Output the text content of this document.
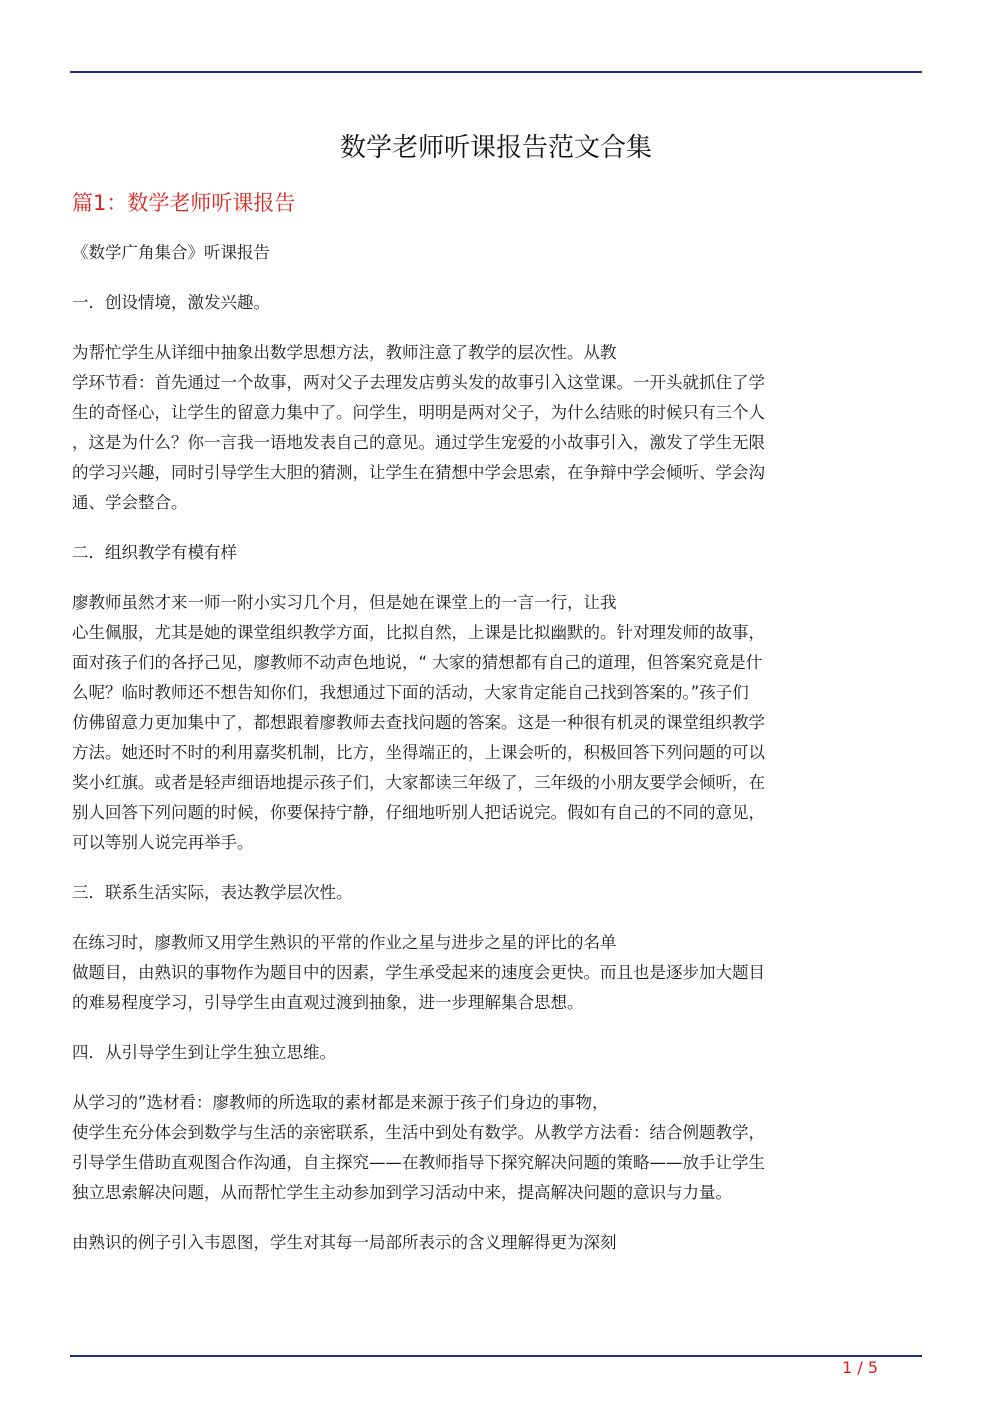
数学老师听课报告范文合集
篇1：数学老师听课报告

《数学广角集合》听课报告

一．创设情境，激发兴趣。

为帮忙学生从详细中抽象出数学思想方法，教师注意了教学的层次性。从教
学环节看：首先通过一个故事，两对父子去理发店剪头发的故事引入这堂课。一开头就抓住了学
生的奇怪心，让学生的留意力集中了。问学生，明明是两对父子，为什么结账的时候只有三个人
，这是为什么？你一言我一语地发表自己的意见。通过学生宠爱的小故事引入，激发了学生无限
的学习兴趣，同时引导学生大胆的猜测，让学生在猜想中学会思索，在争辩中学会倾听、学会沟
通、学会整合。

二．组织教学有模有样

廖教师虽然才来一师一附小实习几个月，但是她在课堂上的一言一行，让我
心生佩服，尤其是她的课堂组织教学方面，比拟自然，上课是比拟幽默的。针对理发师的故事，
面对孩子们的各抒己见，廖教师不动声色地说，“ 大家的猜想都有自己的道理，但答案究竟是什
么呢？临时教师还不想告知你们，我想通过下面的活动，大家肯定能自己找到答案的。”孩子们
仿佛留意力更加集中了，都想跟着廖教师去查找问题的答案。这是一种很有机灵的课堂组织教学
方法。她还时不时的利用嘉奖机制，比方，坐得端正的，上课会听的，积极回答下列问题的可以
奖小红旗。或者是轻声细语地提示孩子们，大家都读三年级了，三年级的小朋友要学会倾听，在
别人回答下列问题的时候，你要保持宁静，仔细地听别人把话说完。假如有自己的不同的意见，
可以等别人说完再举手。

三．联系生活实际，表达教学层次性。

在练习时，廖教师又用学生熟识的平常的作业之星与进步之星的评比的名单
做题目，由熟识的事物作为题目中的因素，学生承受起来的速度会更快。而且也是逐步加大题目
的难易程度学习，引导学生由直观过渡到抽象，进一步理解集合思想。

四．从引导学生到让学生独立思维。

从学习的”选材看：廖教师的所选取的素材都是来源于孩子们身边的事物，
使学生充分体会到数学与生活的亲密联系，生活中到处有数学。从教学方法看：结合例题教学，
引导学生借助直观图合作沟通，自主探究——在教师指导下探究解决问题的策略——放手让学生
独立思索解决问题，从而帮忙学生主动参加到学习活动中来，提高解决问题的意识与力量。

由熟识的例子引入韦恩图，学生对其每一局部所表示的含义理解得更为深刻

1 / 5
